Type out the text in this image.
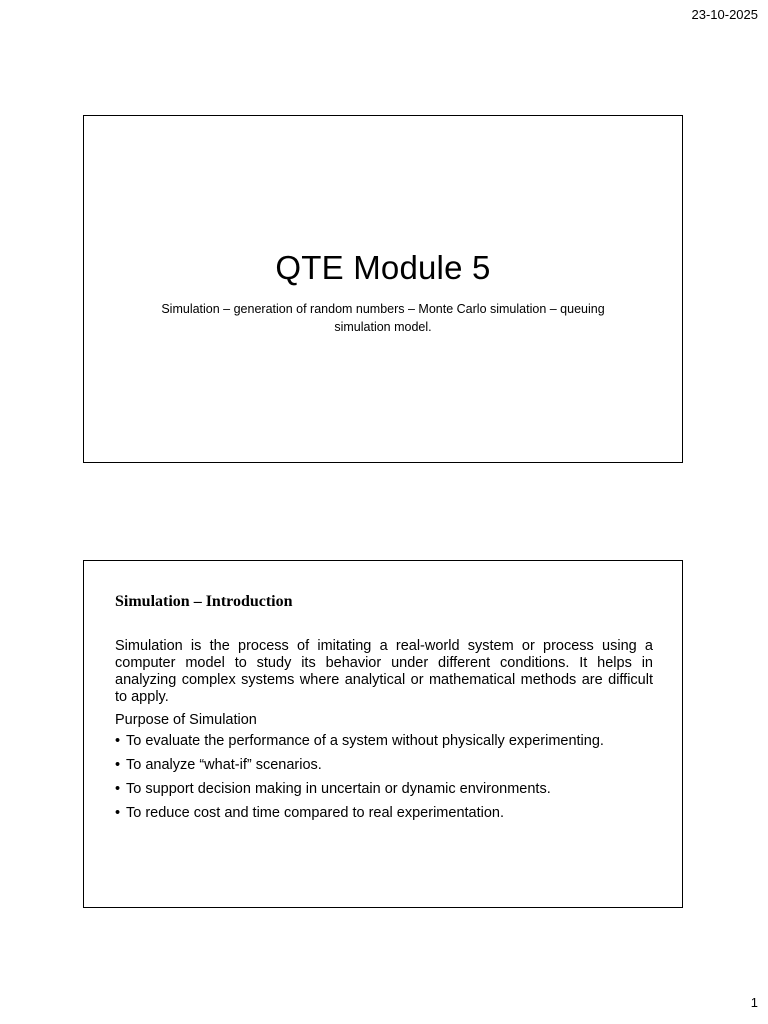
23-10-2025
QTE Module 5

Simulation – generation of random numbers – Monte Carlo simulation – queuing simulation model.

Simulation – Introduction

Simulation is the process of imitating a real-world system or process using a computer model to study its behavior under different conditions. It helps in analyzing complex systems where analytical or mathematical methods are difficult to apply.

Purpose of Simulation

• To evaluate the performance of a system without physically experimenting.
• To analyze “what-if” scenarios.
• To support decision making in uncertain or dynamic environments.
• To reduce cost and time compared to real experimentation.
1
